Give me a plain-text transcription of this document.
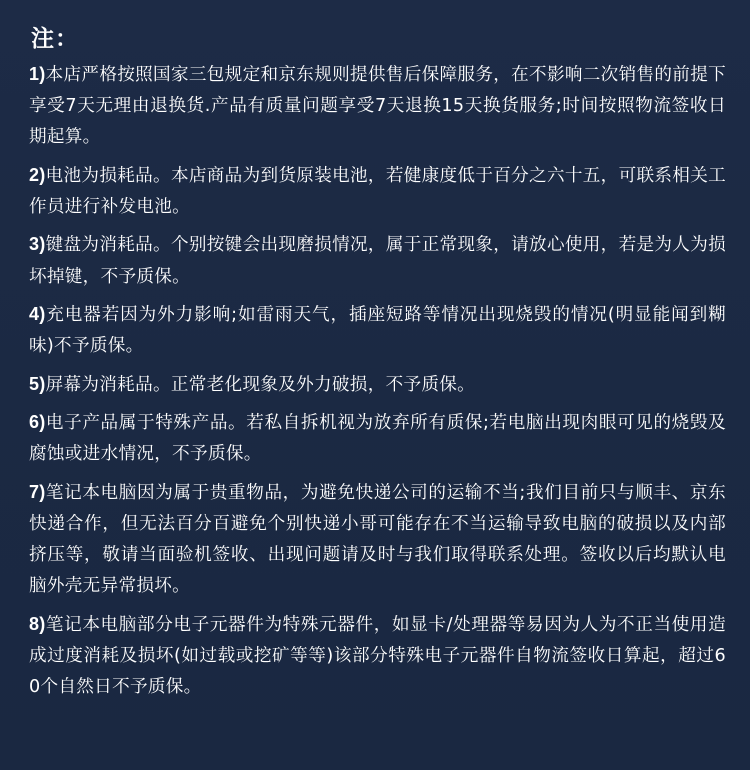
注：
1)本店严格按照国家三包规定和京东规则提供售后保障服务，在不影响二次销售的前提下享受7天无理由退换货.产品有质量问题享受7天退换15天换货服务;时间按照物流签收日期起算。
2)电池为损耗品。本店商品为到货原装电池，若健康度低于百分之六十五，可联系相关工作员进行补发电池。
3)键盘为消耗品。个别按键会出现磨损情况，属于正常现象，请放心使用，若是为人为损坏掉键，不予质保。
4)充电器若因为外力影响;如雷雨天气，插座短路等情况出现烧毁的情况(明显能闻到糊味)不予质保。
5)屏幕为消耗品。正常老化现象及外力破损，不予质保。
6)电子产品属于特殊产品。若私自拆机视为放弃所有质保;若电脑出现肉眼可见的烧毁及腐蚀或进水情况，不予质保。
7)笔记本电脑因为属于贵重物品，为避免快递公司的运输不当;我们目前只与顺丰、京东快递合作，但无法百分百避免个别快递小哥可能存在不当运输导致电脑的破损以及内部挤压等，敬请当面验机签收、出现问题请及时与我们取得联系处理。签收以后均默认电脑外壳无异常损坏。
8)笔记本电脑部分电子元器件为特殊元器件，如显卡/处理器等易因为人为不正当使用造成过度消耗及损坏(如过载或挖矿等等)该部分特殊电子元器件自物流签收日算起，超过60个自然日不予质保。
